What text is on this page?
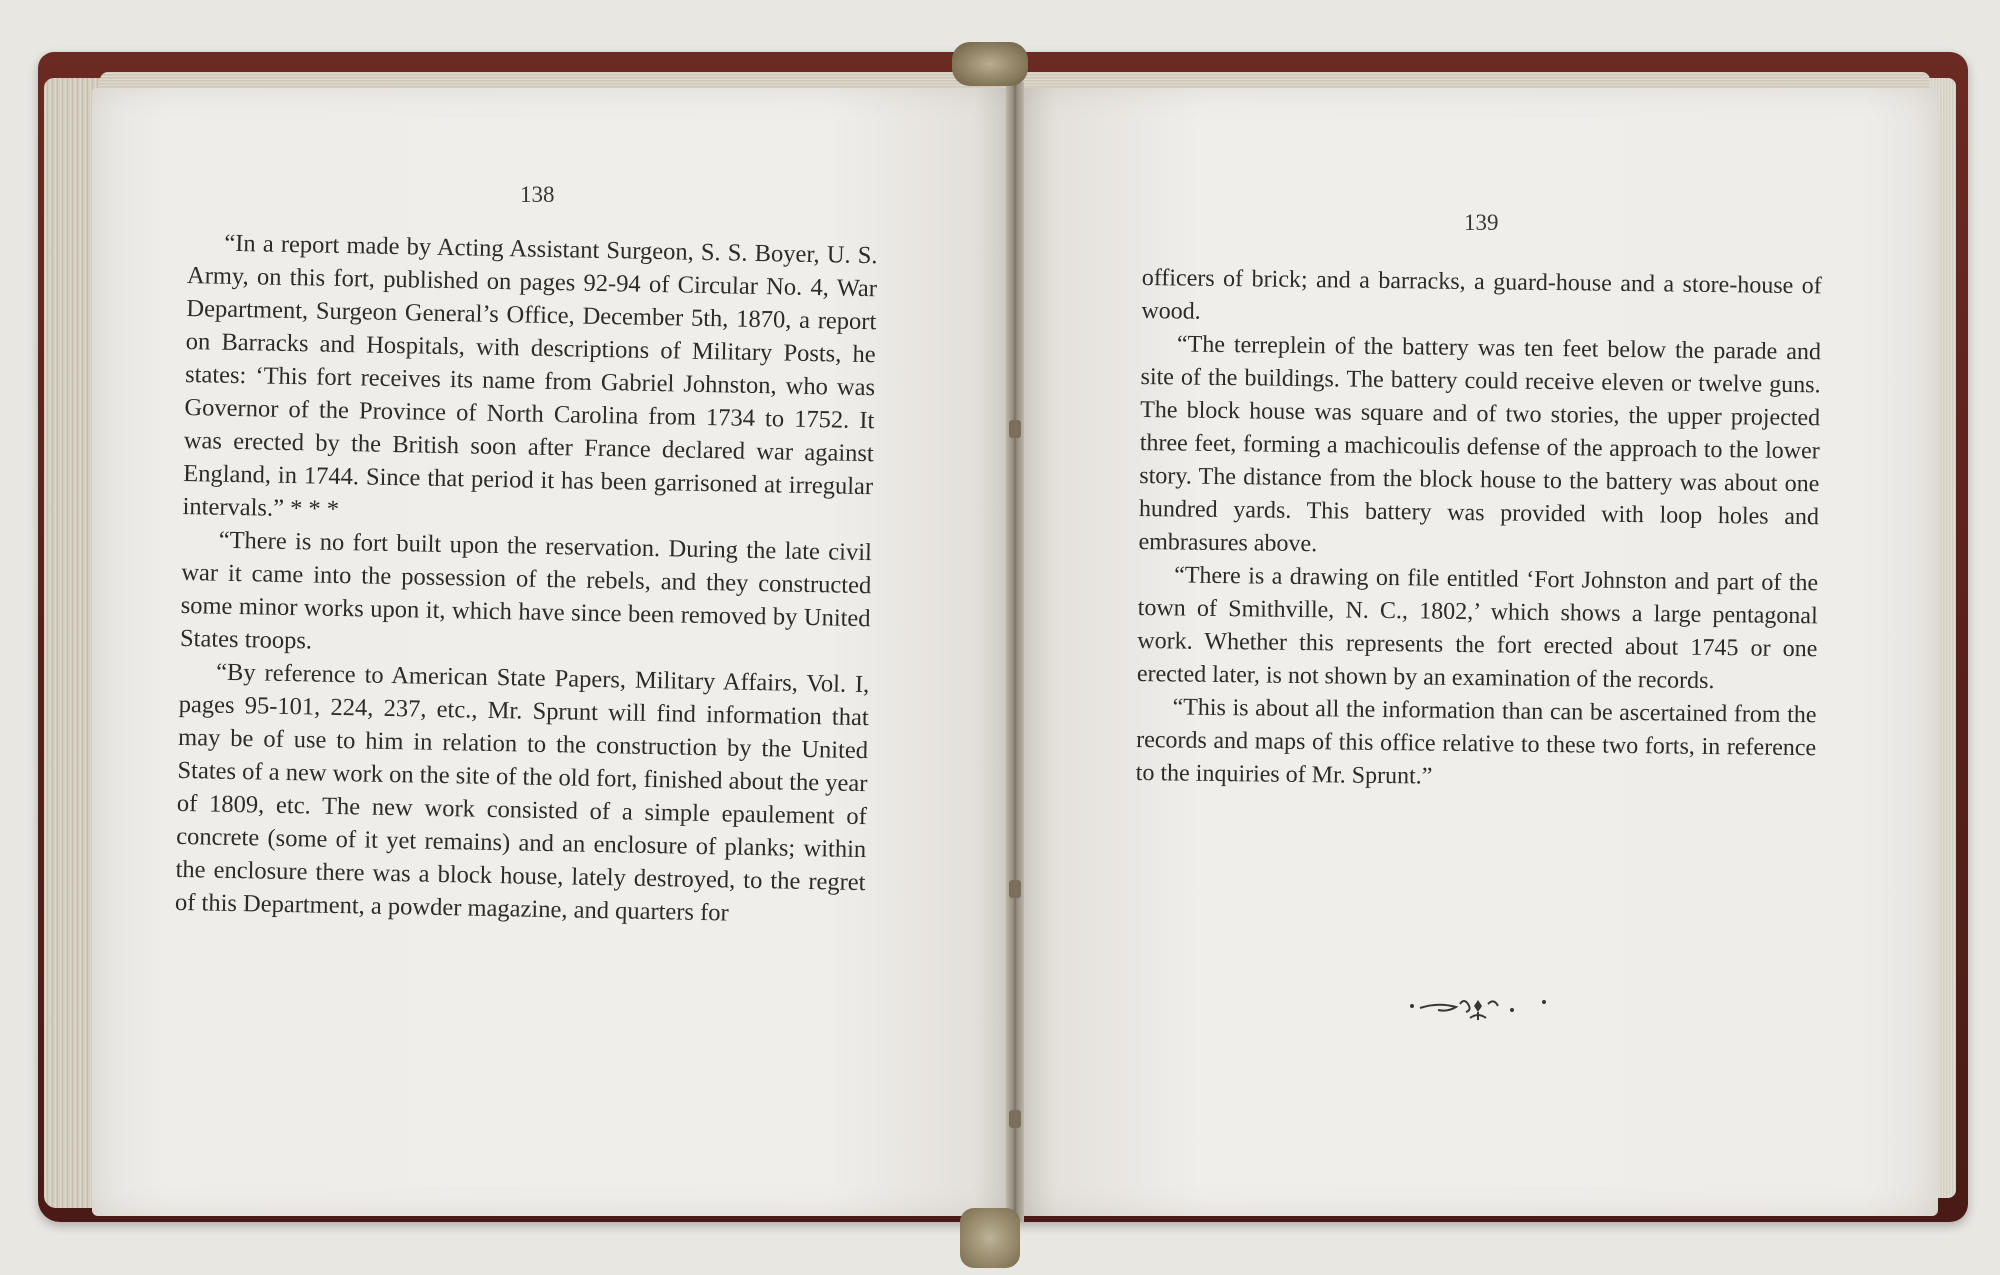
138

“In a report made by Acting Assistant Surgeon, S. S. Boyer, U. S. Army, on this fort, published on pages 92-94 of Circular No. 4, War Department, Surgeon General’s Office, December 5th, 1870, a report on Barracks and Hospitals, with descriptions of Military Posts, he states: ‘This fort receives its name from Gabriel Johnston, who was Governor of the Province of North Carolina from 1734 to 1752. It was erected by the British soon after France declared war against England, in 1744. Since that period it has been garrisoned at irregular intervals.” * * *

“There is no fort built upon the reservation. During the late civil war it came into the possession of the rebels, and they constructed some minor works upon it, which have since been removed by United States troops.

“By reference to American State Papers, Military Affairs, Vol. I, pages 95-101, 224, 237, etc., Mr. Sprunt will find information that may be of use to him in relation to the construction by the United States of a new work on the site of the old fort, finished about the year of 1809, etc. The new work consisted of a simple epaulement of concrete (some of it yet remains) and an enclosure of planks; within the enclosure there was a block house, lately destroyed, to the regret of this Department, a powder magazine, and quarters for

139

officers of brick; and a barracks, a guard-house and a store-house of wood.

“The terreplein of the battery was ten feet below the parade and site of the buildings. The battery could receive eleven or twelve guns. The block house was square and of two stories, the upper projected three feet, forming a machicoulis defense of the approach to the lower story. The distance from the block house to the battery was about one hundred yards. This battery was provided with loop holes and embrasures above.

“There is a drawing on file entitled ‘Fort Johnston and part of the town of Smithville, N. C., 1802,’ which shows a large pentagonal work. Whether this represents the fort erected about 1745 or one erected later, is not shown by an examination of the records.

“This is about all the information than can be ascertained from the records and maps of this office relative to these two forts, in reference to the inquiries of Mr. Sprunt.”
